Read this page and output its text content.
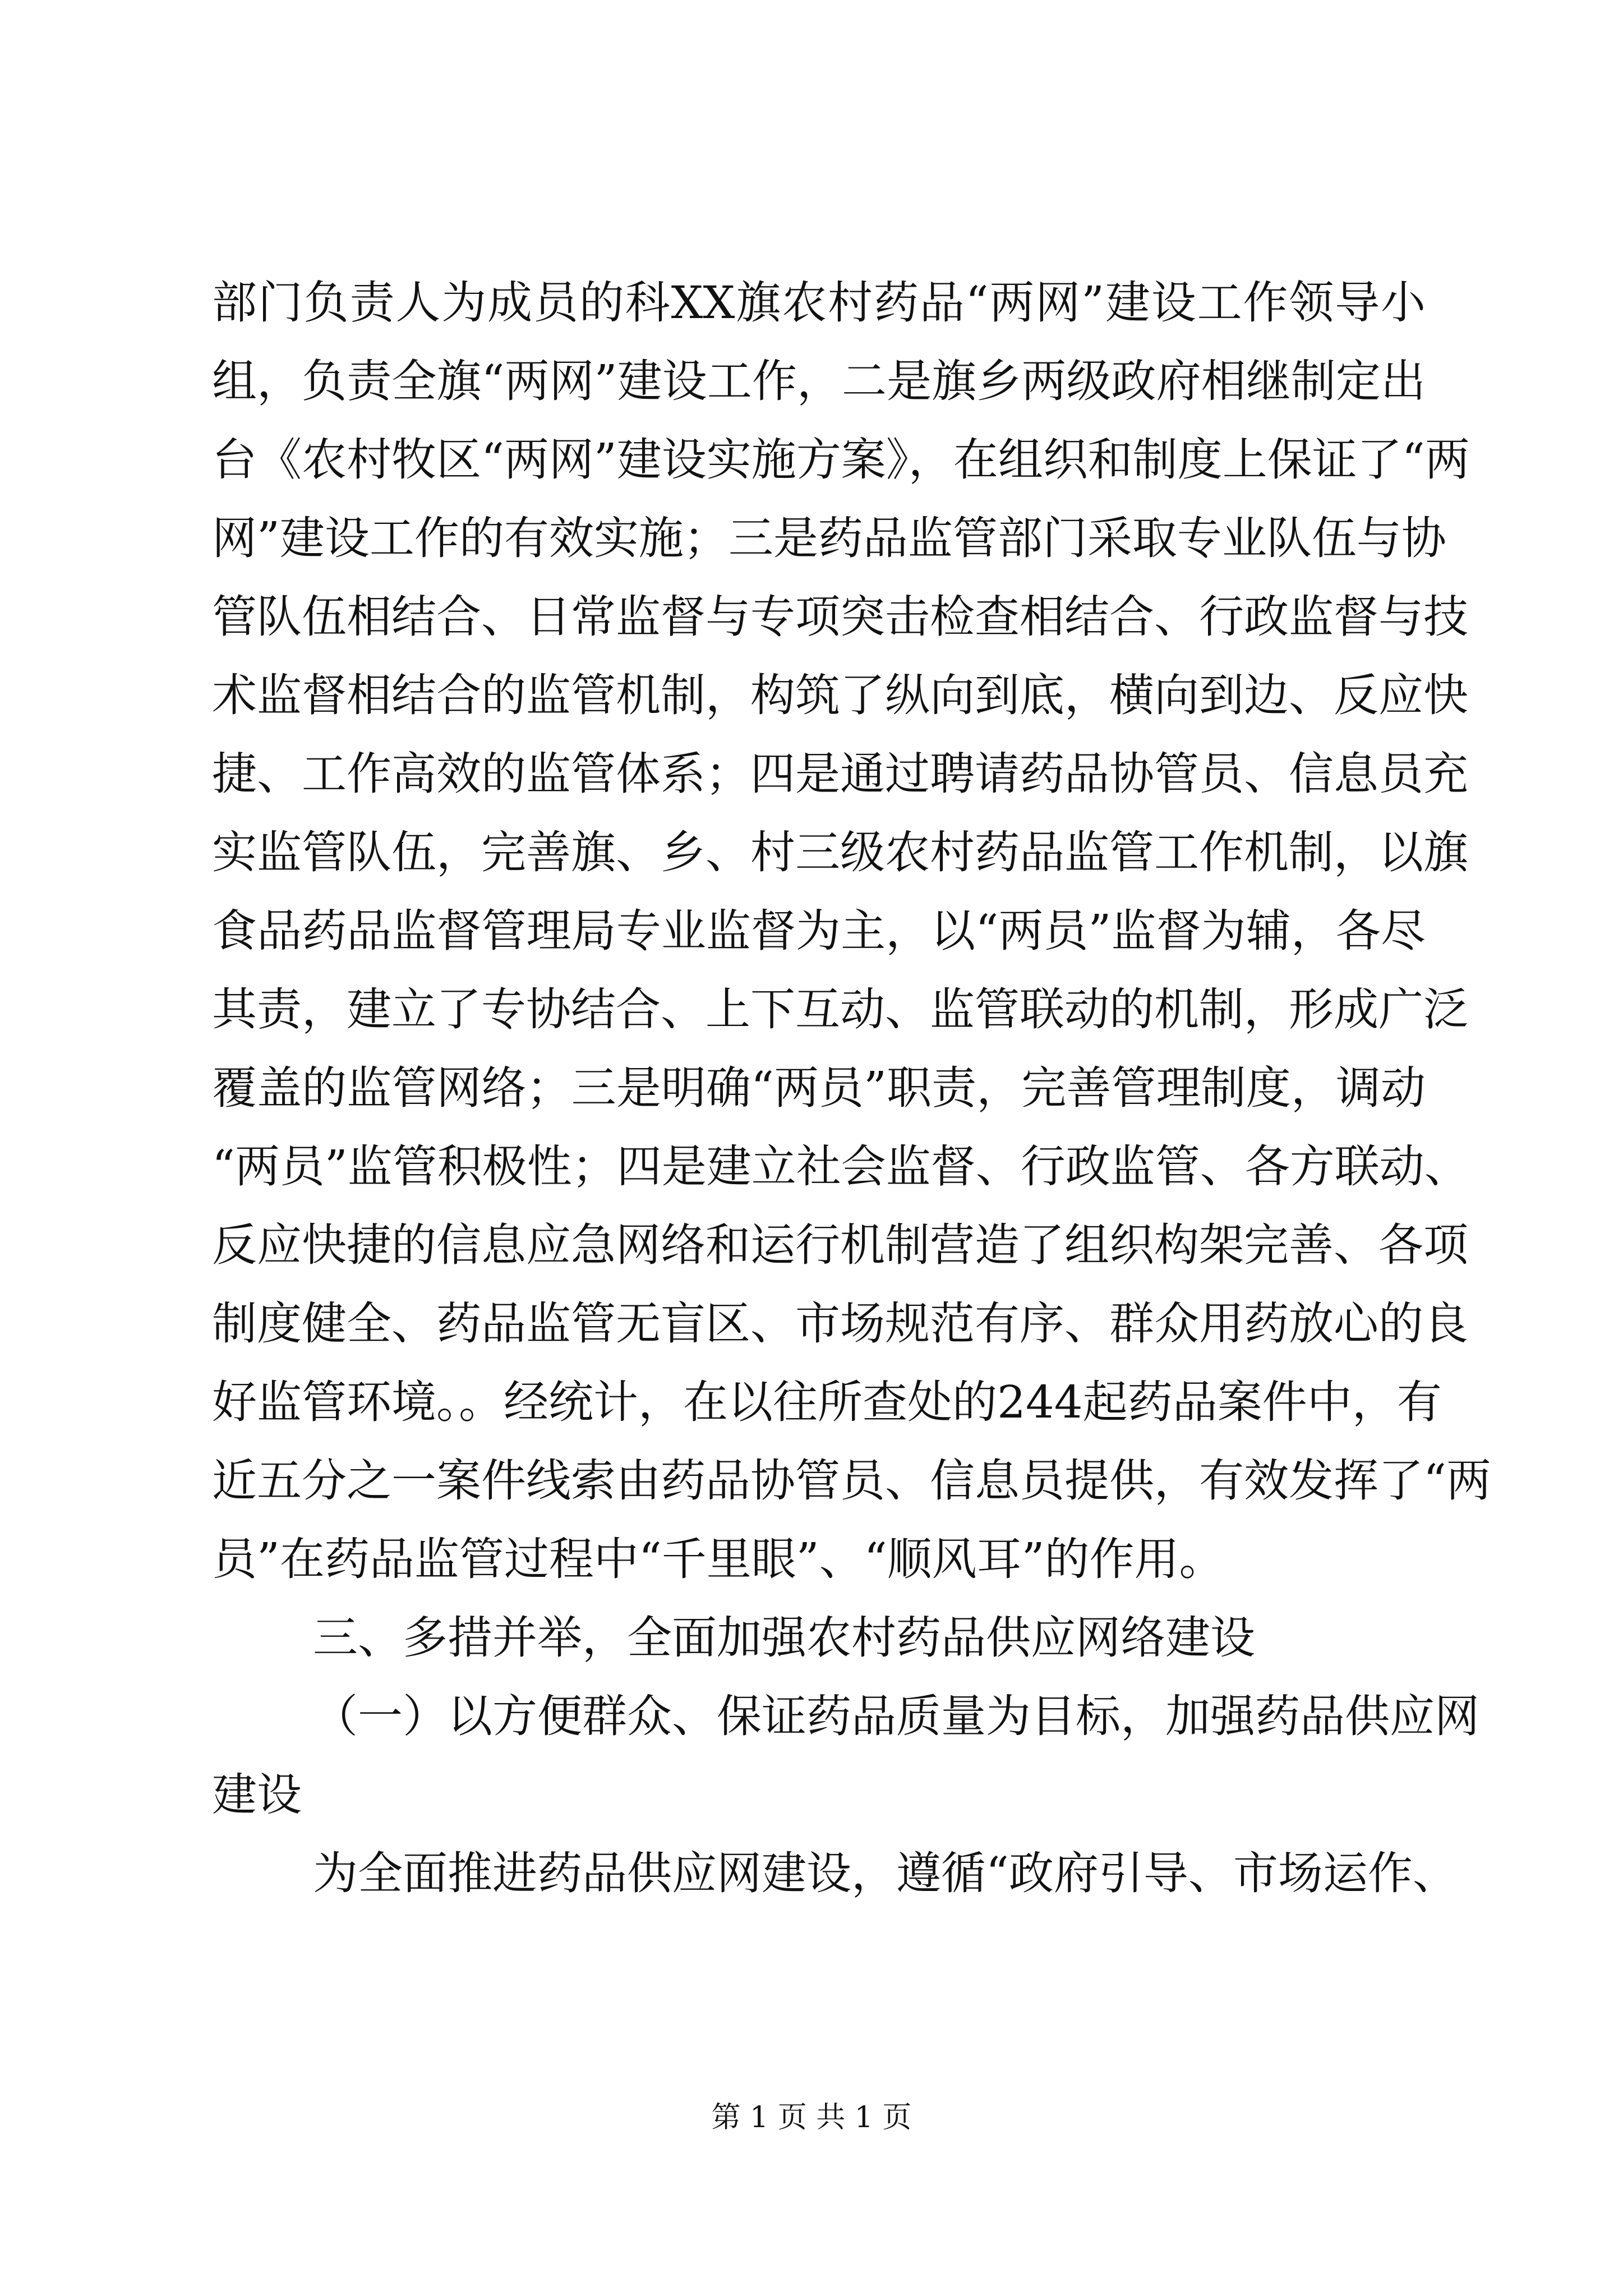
部门负责人为成员的科XX旗农村药品“两网”建设工作领导小
组，负责全旗“两网”建设工作，二是旗乡两级政府相继制定出
台《农村牧区“两网”建设实施方案》，在组织和制度上保证了“两
网”建设工作的有效实施；三是药品监管部门采取专业队伍与协
管队伍相结合、日常监督与专项突击检查相结合、行政监督与技
术监督相结合的监管机制，构筑了纵向到底，横向到边、反应快
捷、工作高效的监管体系；四是通过聘请药品协管员、信息员充
实监管队伍，完善旗、乡、村三级农村药品监管工作机制，以旗
食品药品监督管理局专业监督为主，以“两员”监督为辅，各尽
其责，建立了专协结合、上下互动、监管联动的机制，形成广泛
覆盖的监管网络；三是明确“两员”职责，完善管理制度，调动
“两员”监管积极性；四是建立社会监督、行政监管、各方联动、
反应快捷的信息应急网络和运行机制营造了组织构架完善、各项
制度健全、药品监管无盲区、市场规范有序、群众用药放心的良
好监管环境。。经统计，在以往所查处的244起药品案件中，有
近五分之一案件线索由药品协管员、信息员提供，有效发挥了“两
员”在药品监管过程中“千里眼”、“顺风耳”的作用。
三、多措并举，全面加强农村药品供应网络建设
（一）以方便群众、保证药品质量为目标，加强药品供应网
建设
为全面推进药品供应网建设，遵循“政府引导、市场运作、
第 1 页 共 1 页
